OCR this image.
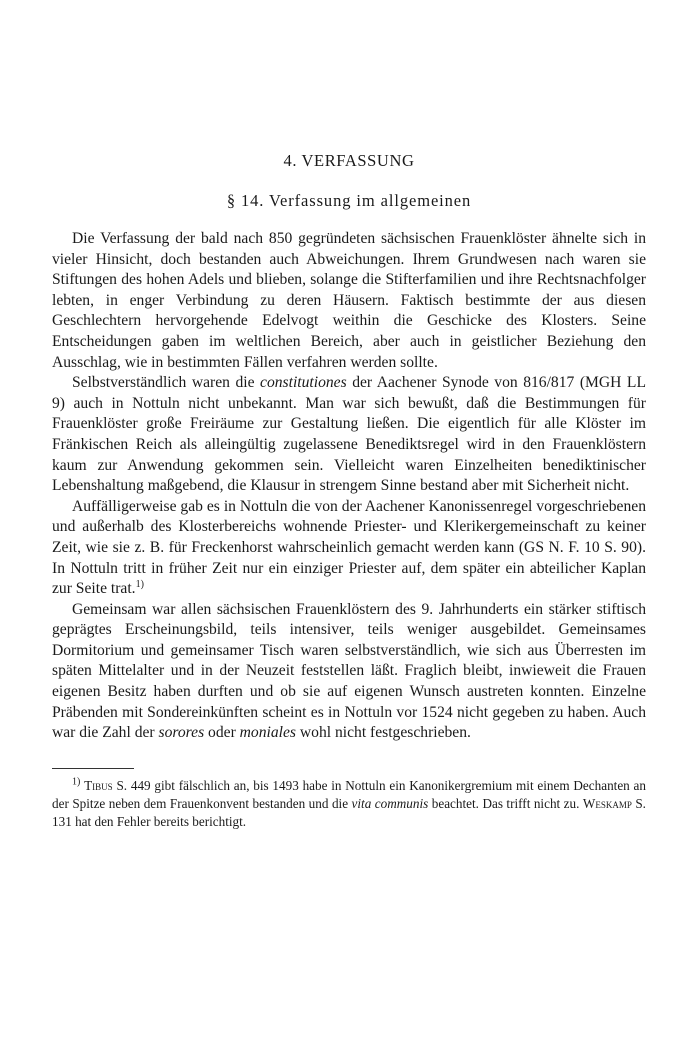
4. VERFASSUNG
§ 14. Verfassung im allgemeinen

Die Verfassung der bald nach 850 gegründeten sächsischen Frauenklöster ähnelte sich in vieler Hinsicht, doch bestanden auch Abweichungen. Ihrem Grundwesen nach waren sie Stiftungen des hohen Adels und blieben, solange die Stifterfamilien und ihre Rechtsnachfolger lebten, in enger Verbindung zu deren Häusern. Faktisch bestimmte der aus diesen Geschlechtern hervorgehende Edelvogt weithin die Geschicke des Klosters. Seine Entscheidungen gaben im weltlichen Bereich, aber auch in geistlicher Beziehung den Ausschlag, wie in bestimmten Fällen verfahren werden sollte.

Selbstverständlich waren die constitutiones der Aachener Synode von 816/817 (MGH LL 9) auch in Nottuln nicht unbekannt. Man war sich bewußt, daß die Bestimmungen für Frauenklöster große Freiräume zur Gestaltung ließen. Die eigentlich für alle Klöster im Fränkischen Reich als alleingültig zugelassene Benediktsregel wird in den Frauenklöstern kaum zur Anwendung gekommen sein. Vielleicht waren Einzelheiten benediktinischer Lebenshaltung maßgebend, die Klausur in strengem Sinne bestand aber mit Sicherheit nicht.

Auffälligerweise gab es in Nottuln die von der Aachener Kanonissenregel vorgeschriebenen und außerhalb des Klosterbereichs wohnende Priester- und Klerikergemeinschaft zu keiner Zeit, wie sie z. B. für Freckenhorst wahrscheinlich gemacht werden kann (GS N. F. 10 S. 90). In Nottuln tritt in früher Zeit nur ein einziger Priester auf, dem später ein abteilicher Kaplan zur Seite trat.$^{1)}$

Gemeinsam war allen sächsischen Frauenklöstern des 9. Jahrhunderts ein stärker stiftisch geprägtes Erscheinungsbild, teils intensiver, teils weniger ausgebildet. Gemeinsames Dormitorium und gemeinsamer Tisch waren selbstverständlich, wie sich aus Überresten im späten Mittelalter und in der Neuzeit feststellen läßt. Fraglich bleibt, inwieweit die Frauen eigenen Besitz haben durften und ob sie auf eigenen Wunsch austreten konnten. Einzelne Präbenden mit Sondereinkünften scheint es in Nottuln vor 1524 nicht gegeben zu haben. Auch war die Zahl der sorores oder moniales wohl nicht festgeschrieben.

$^{1)}$ Tibus S. 449 gibt fälschlich an, bis 1493 habe in Nottuln ein Kanonikergremium mit einem Dechanten an der Spitze neben dem Frauenkonvent bestanden und die vita communis beachtet. Das trifft nicht zu. Weskamp S. 131 hat den Fehler bereits berichtigt.
